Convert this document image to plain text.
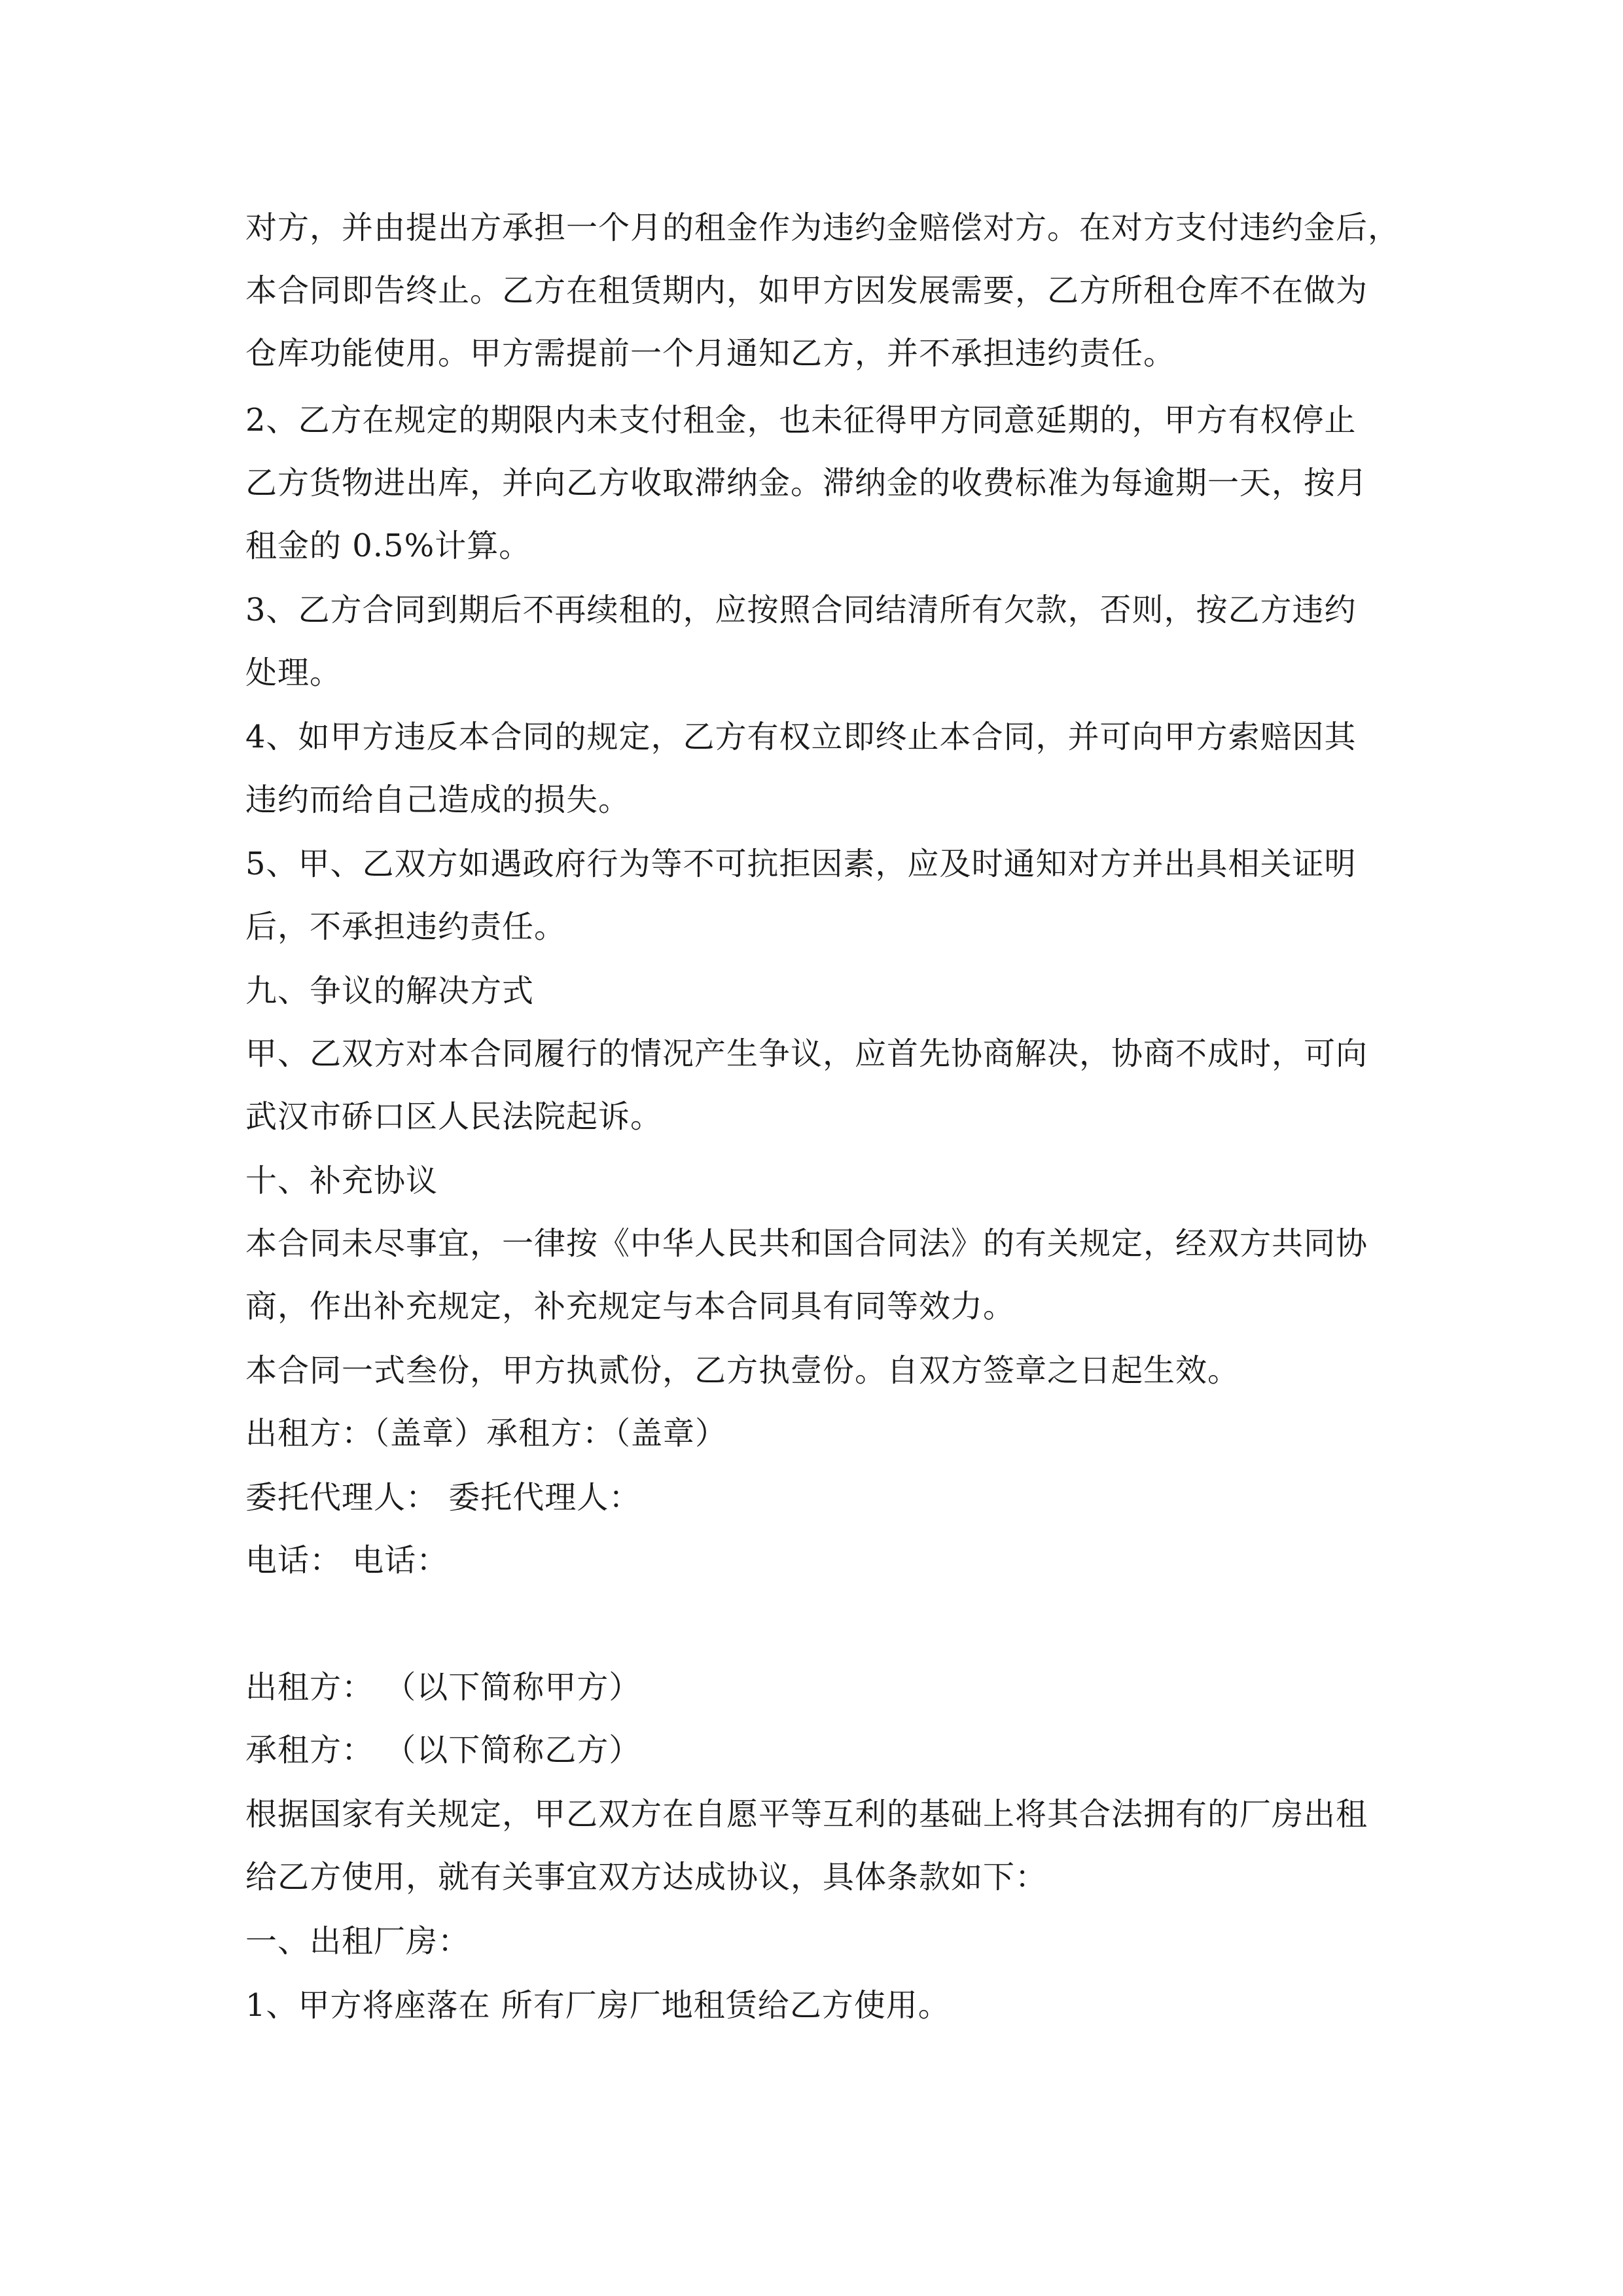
对方，并由提出方承担一个月的租金作为违约金赔偿对方。在对方支付违约金后，
本合同即告终止。乙方在租赁期内，如甲方因发展需要，乙方所租仓库不在做为
仓库功能使用。甲方需提前一个月通知乙方，并不承担违约责任。
2、乙方在规定的期限内未支付租金，也未征得甲方同意延期的，甲方有权停止
乙方货物进出库，并向乙方收取滞纳金。滞纳金的收费标准为每逾期一天，按月
租金的 0.5%计算。
3、乙方合同到期后不再续租的，应按照合同结清所有欠款，否则，按乙方违约
处理。
4、如甲方违反本合同的规定，乙方有权立即终止本合同，并可向甲方索赔因其
违约而给自己造成的损失。
5、甲、乙双方如遇政府行为等不可抗拒因素，应及时通知对方并出具相关证明
后，不承担违约责任。
九、争议的解决方式
甲、乙双方对本合同履行的情况产生争议，应首先协商解决，协商不成时，可向
武汉市硚口区人民法院起诉。
十、补充协议
本合同未尽事宜，一律按《中华人民共和国合同法》的有关规定，经双方共同协
商，作出补充规定，补充规定与本合同具有同等效力。
本合同一式叁份，甲方执贰份，乙方执壹份。自双方签章之日起生效。
出租方：（盖章）承租方：（盖章）
委托代理人： 委托代理人：
电话： 电话：
出租方： （以下简称甲方）
承租方： （以下简称乙方）
根据国家有关规定，甲乙双方在自愿平等互利的基础上将其合法拥有的厂房出租
给乙方使用，就有关事宜双方达成协议，具体条款如下：
一、出租厂房：
1、甲方将座落在 所有厂房厂地租赁给乙方使用。
